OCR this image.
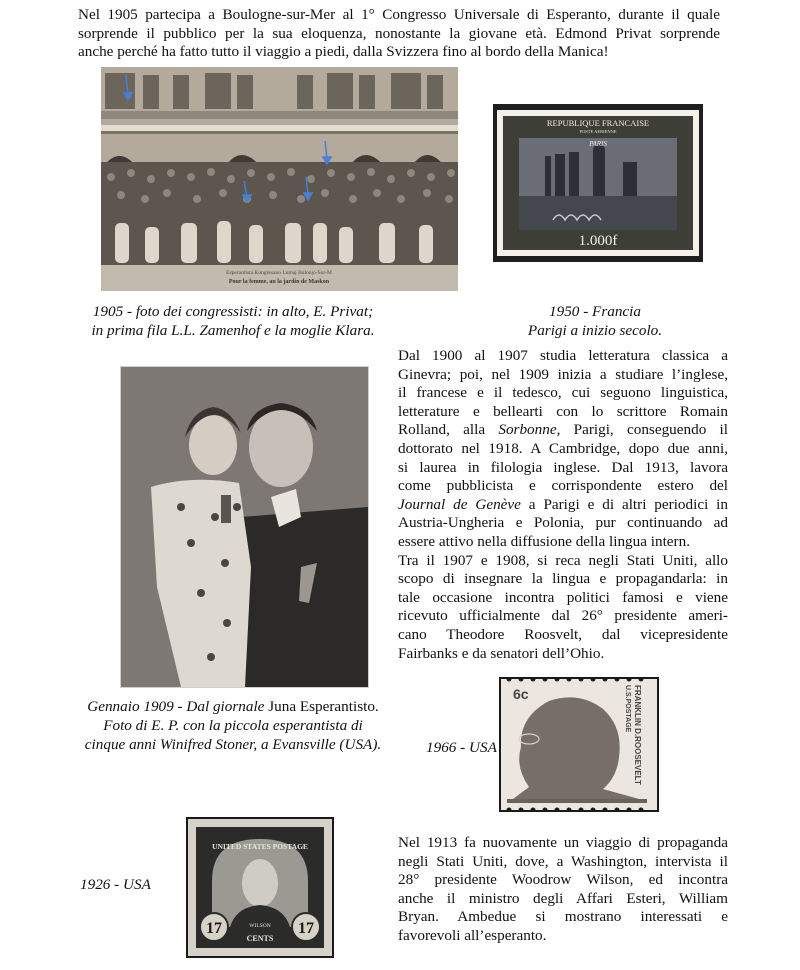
Nel 1905 partecipa a Boulogne-sur-Mer al 1° Congresso Universale di Esperanto, durante il quale
sorprende il pubblico per la sua eloquenza, nonostante la giovane età. Edmond Privat sorprende
anche perché ha fatto tutto il viaggio a piedi, dalla Svizzera fino al bordo della Manica!
Esperantista Kongresano Lumaj Bulonjo-Sur-M
Pour la femme, au la jardin de Maskon
REPUBLIQUE FRANCAISE
POSTE AERIENNE
PARIS
1.000f
1905 - foto dei congressisti: in alto, E. Privat;
in prima fila L.L. Zamenhof e la moglie Klara.
1950 - Francia
Parigi a inizio secolo.
Gennaio 1909 - Dal giornale Juna Esperantisto.
Foto di E. P. con la piccola esperantista di
cinque anni Winifred Stoner, a Evansville (USA).
Dal 1900 al 1907 studia letteratura classica a
Ginevra; poi, nel 1909 inizia a studiare l’inglese,
il francese e il tedesco, cui seguono linguistica,
letterature e bellearti con lo scrittore Romain
Rolland, alla Sorbonne, Parigi, conseguendo il
dottorato nel 1918. A Cambridge, dopo due anni,
si laurea in filologia inglese. Dal 1913, lavora
come pubblicista e corrispondente estero del
Journal de Genève a Parigi e di altri periodici in
Austria-Ungheria e Polonia, pur continuando ad
essere attivo nella diffusione della lingua intern.
Tra il 1907 e 1908, si reca negli Stati Uniti, allo
scopo di insegnare la lingua e propagandarla: in
tale occasione incontra politici famosi e viene
ricevuto ufficialmente dal 26° presidente ameri-
cano Theodore Roosvelt, dal vicepresidente
Fairbanks e da senatori dell’Ohio.
1966 - USA
6c	FRANKLIN D.ROOSEVELT
U.S.POSTAGE
1926 - USA
17	17
UNITED STATES POSTAGE
WILSON
CENTS
Nel 1913 fa nuovamente un viaggio di propaganda
negli Stati Uniti, dove, a Washington, intervista il
28° presidente Woodrow Wilson, ed incontra
anche il ministro degli Affari Esteri, William
Bryan. Ambedue si mostrano interessati e
favorevoli all’esperanto.
